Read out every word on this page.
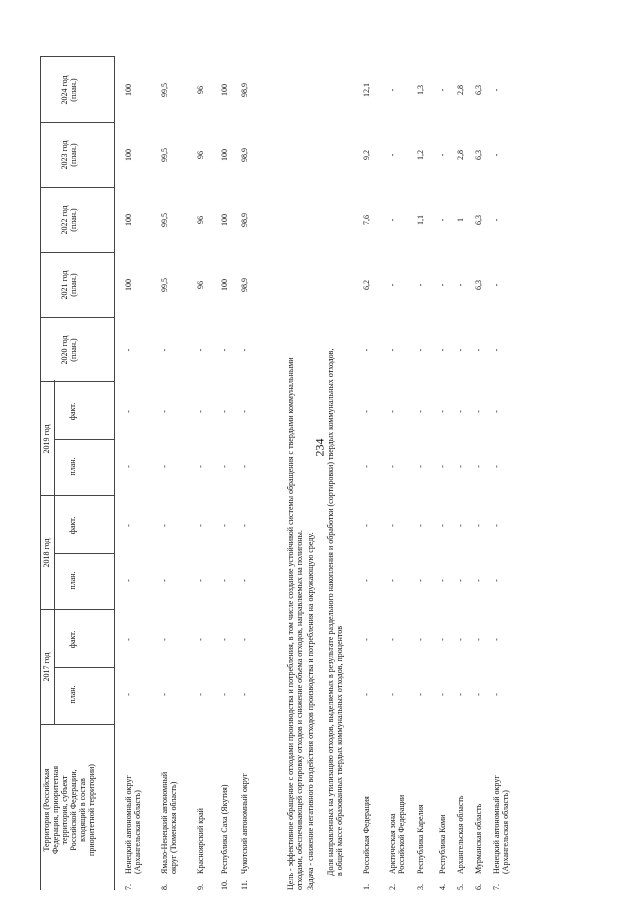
234
Территория (Российская
Федерация, приоритетная
территория, субъект
Российской Федерации,
входящий в состав
приоритетной территории)
2017 год
2018 год
2019 год
план.
факт.
план.
факт.
план.
факт.
2020 год
(план.)
2021 год
(план.)
2022 год
(план.)
2023 год
(план.)
2024 год
(план.)
7.
Ненецкий автономный округ
(Архангельская область)
-
-
-
-
-
-
-
100
100
100
100
8.
Ямало-Ненецкий автономный
округ (Тюменская область)
-
-
-
-
-
-
-
99,5
99,5
99,5
99,5
9.
Красноярский край
-
-
-
-
-
-
-
96
96
96
96
10.
Республика Саха (Якутия)
-
-
-
-
-
-
-
100
100
100
100
11.
Чукотский автономный округ
-
-
-
-
-
-
-
98,9
98,9
98,9
98,9
Цель - эффективное обращение с отходами производства и потребления, в том числе создание устойчивой системы обращения с твердыми коммунальными
отходами, обеспечивающей сортировку отходов и снижение объема отходов, направляемых на полигоны. Задача - снижение негативного воздействия отходов производства и потребления на окружающую среду. Доля направленных на утилизацию отходов, выделяемых в результате раздельного накопления и обработки (сортировки) твердых коммунальных отходов,
в общей массе образованных твердых коммунальных отходов, процентов
1.
Российская Федерация
-
-
-
-
-
-
-
6,2
7,6
9,2
12,1
2.
Арктическая зона
Российской Федерации
-
-
-
-
-
-
-
-
-
-
-
3.
Республика Карелия
-
-
-
-
-
-
-
-
1,1
1,2
1,3
4.
Республика Коми
-
-
-
-
-
-
-
-
-
-
-
5.
Архангельская область
-
-
-
-
-
-
-
-
1
2,8
2,8
6.
Мурманская область
-
-
-
-
-
-
-
6,3
6,3
6,3
6,3
7.
Ненецкий автономный округ
(Архангельская область)
-
-
-
-
-
-
-
-
-
-
-
